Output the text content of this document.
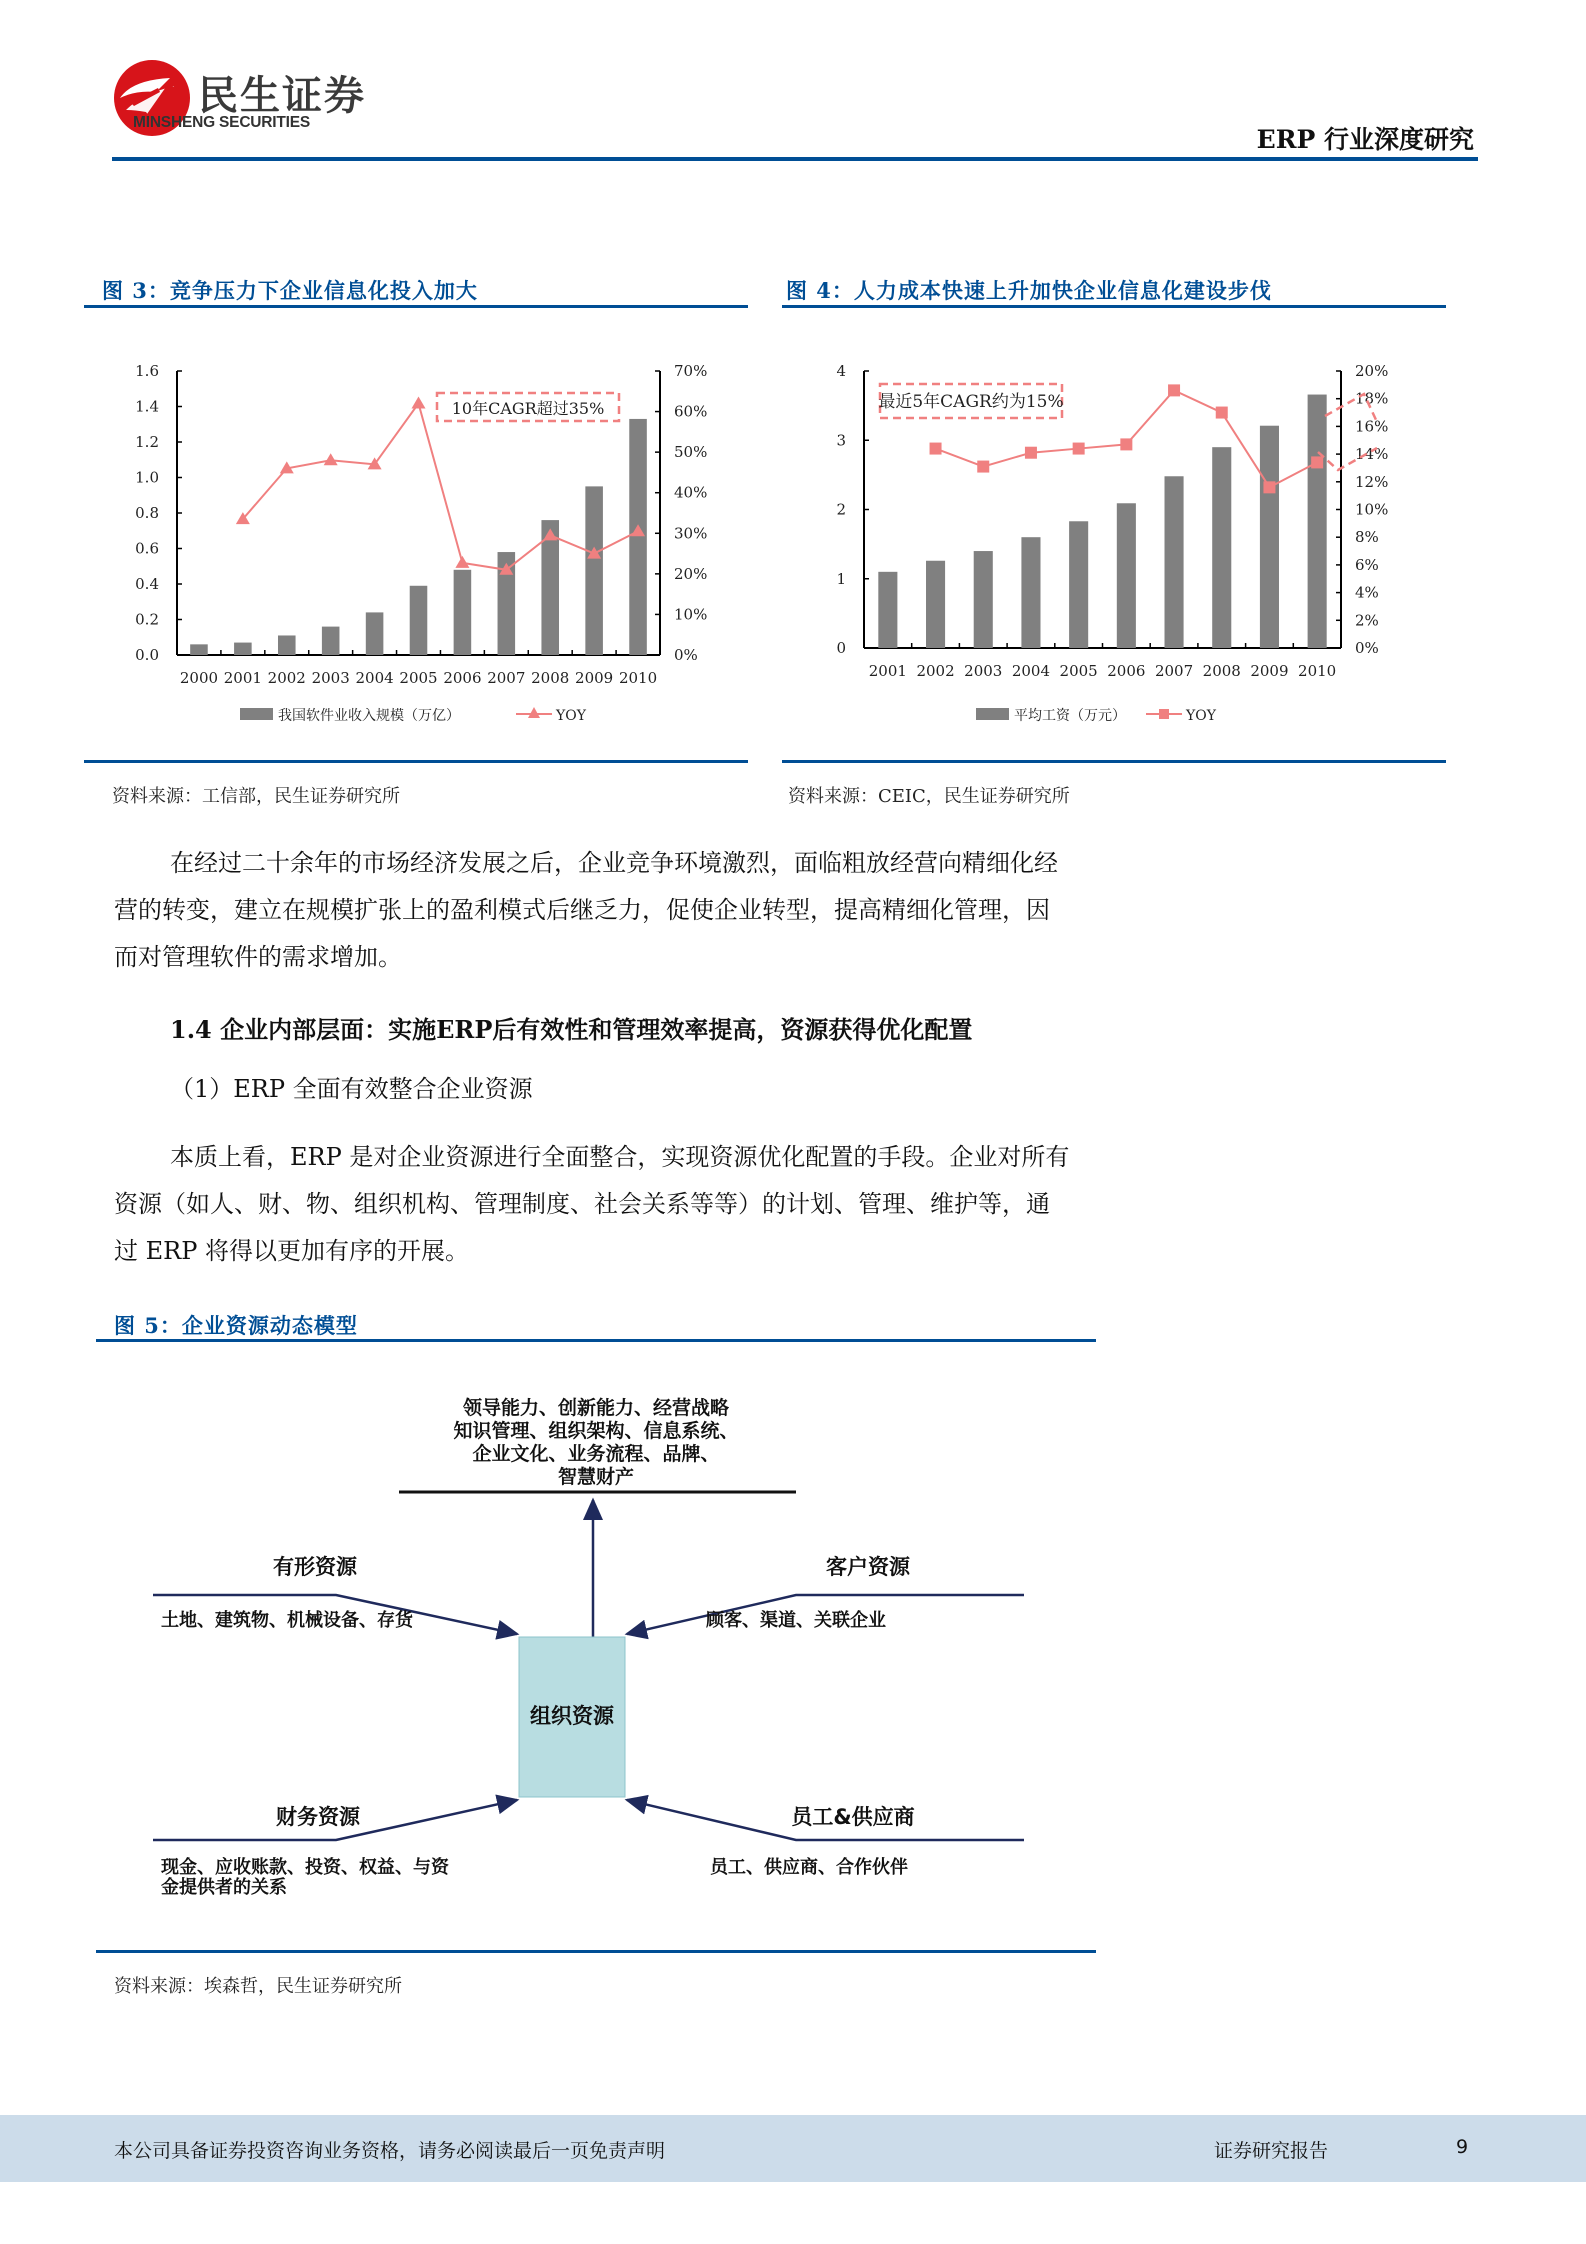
民生证券
MINSHENG SECURITIES
ERP 行业深度研究
图 3：竞争压力下企业信息化投入加大
0.0
0.2
0.4
0.6
0.8
1.0
1.2
1.4
1.6
0%
10%
20%
30%
40%
50%
60%
70%
2000 2001 2002 2003 2004 2005 2006 2007 2008 2009 2010
10年CAGR超过35%
我国软件业收入规模（万亿）	YOY
资料来源：工信部，民生证券研究所
图 4：人力成本快速上升加快企业信息化建设步伐
0
1
2
3
4
0%
2%
4%
6%
8%
10%
12%
14%
16%
18%
20%
2001 2002 2003 2004 2005 2006 2007 2008 2009 2010
最近5年CAGR约为15%
平均工资（万元）	YOY
资料来源：CEIC，民生证券研究所
在经过二十余年的市场经济发展之后，企业竞争环境激烈，面临粗放经营向精细化经
营的转变，建立在规模扩张上的盈利模式后继乏力，促使企业转型，提高精细化管理，因
而对管理软件的需求增加。
1.4 企业内部层面：实施ERP后有效性和管理效率提高，资源获得优化配置
（1）ERP 全面有效整合企业资源
本质上看，ERP 是对企业资源进行全面整合，实现资源优化配置的手段。企业对所有
资源（如人、财、物、组织机构、管理制度、社会关系等等）的计划、管理、维护等，通
过 ERP 将得以更加有序的开展。
图 5：企业资源动态模型
领导能力、创新能力、经营战略
知识管理、组织架构、信息系统、
企业文化、业务流程、品牌、
智慧财产
组织资源
有形资源
土地、建筑物、机械设备、存货
客户资源
顾客、渠道、关联企业
财务资源
现金、应收账款、投资、权益、与资
金提供者的关系
员工&供应商
员工、供应商、合作伙伴
资料来源：埃森哲，民生证券研究所
本公司具备证券投资咨询业务资格，请务必阅读最后一页免责声明	证券研究报告	9
